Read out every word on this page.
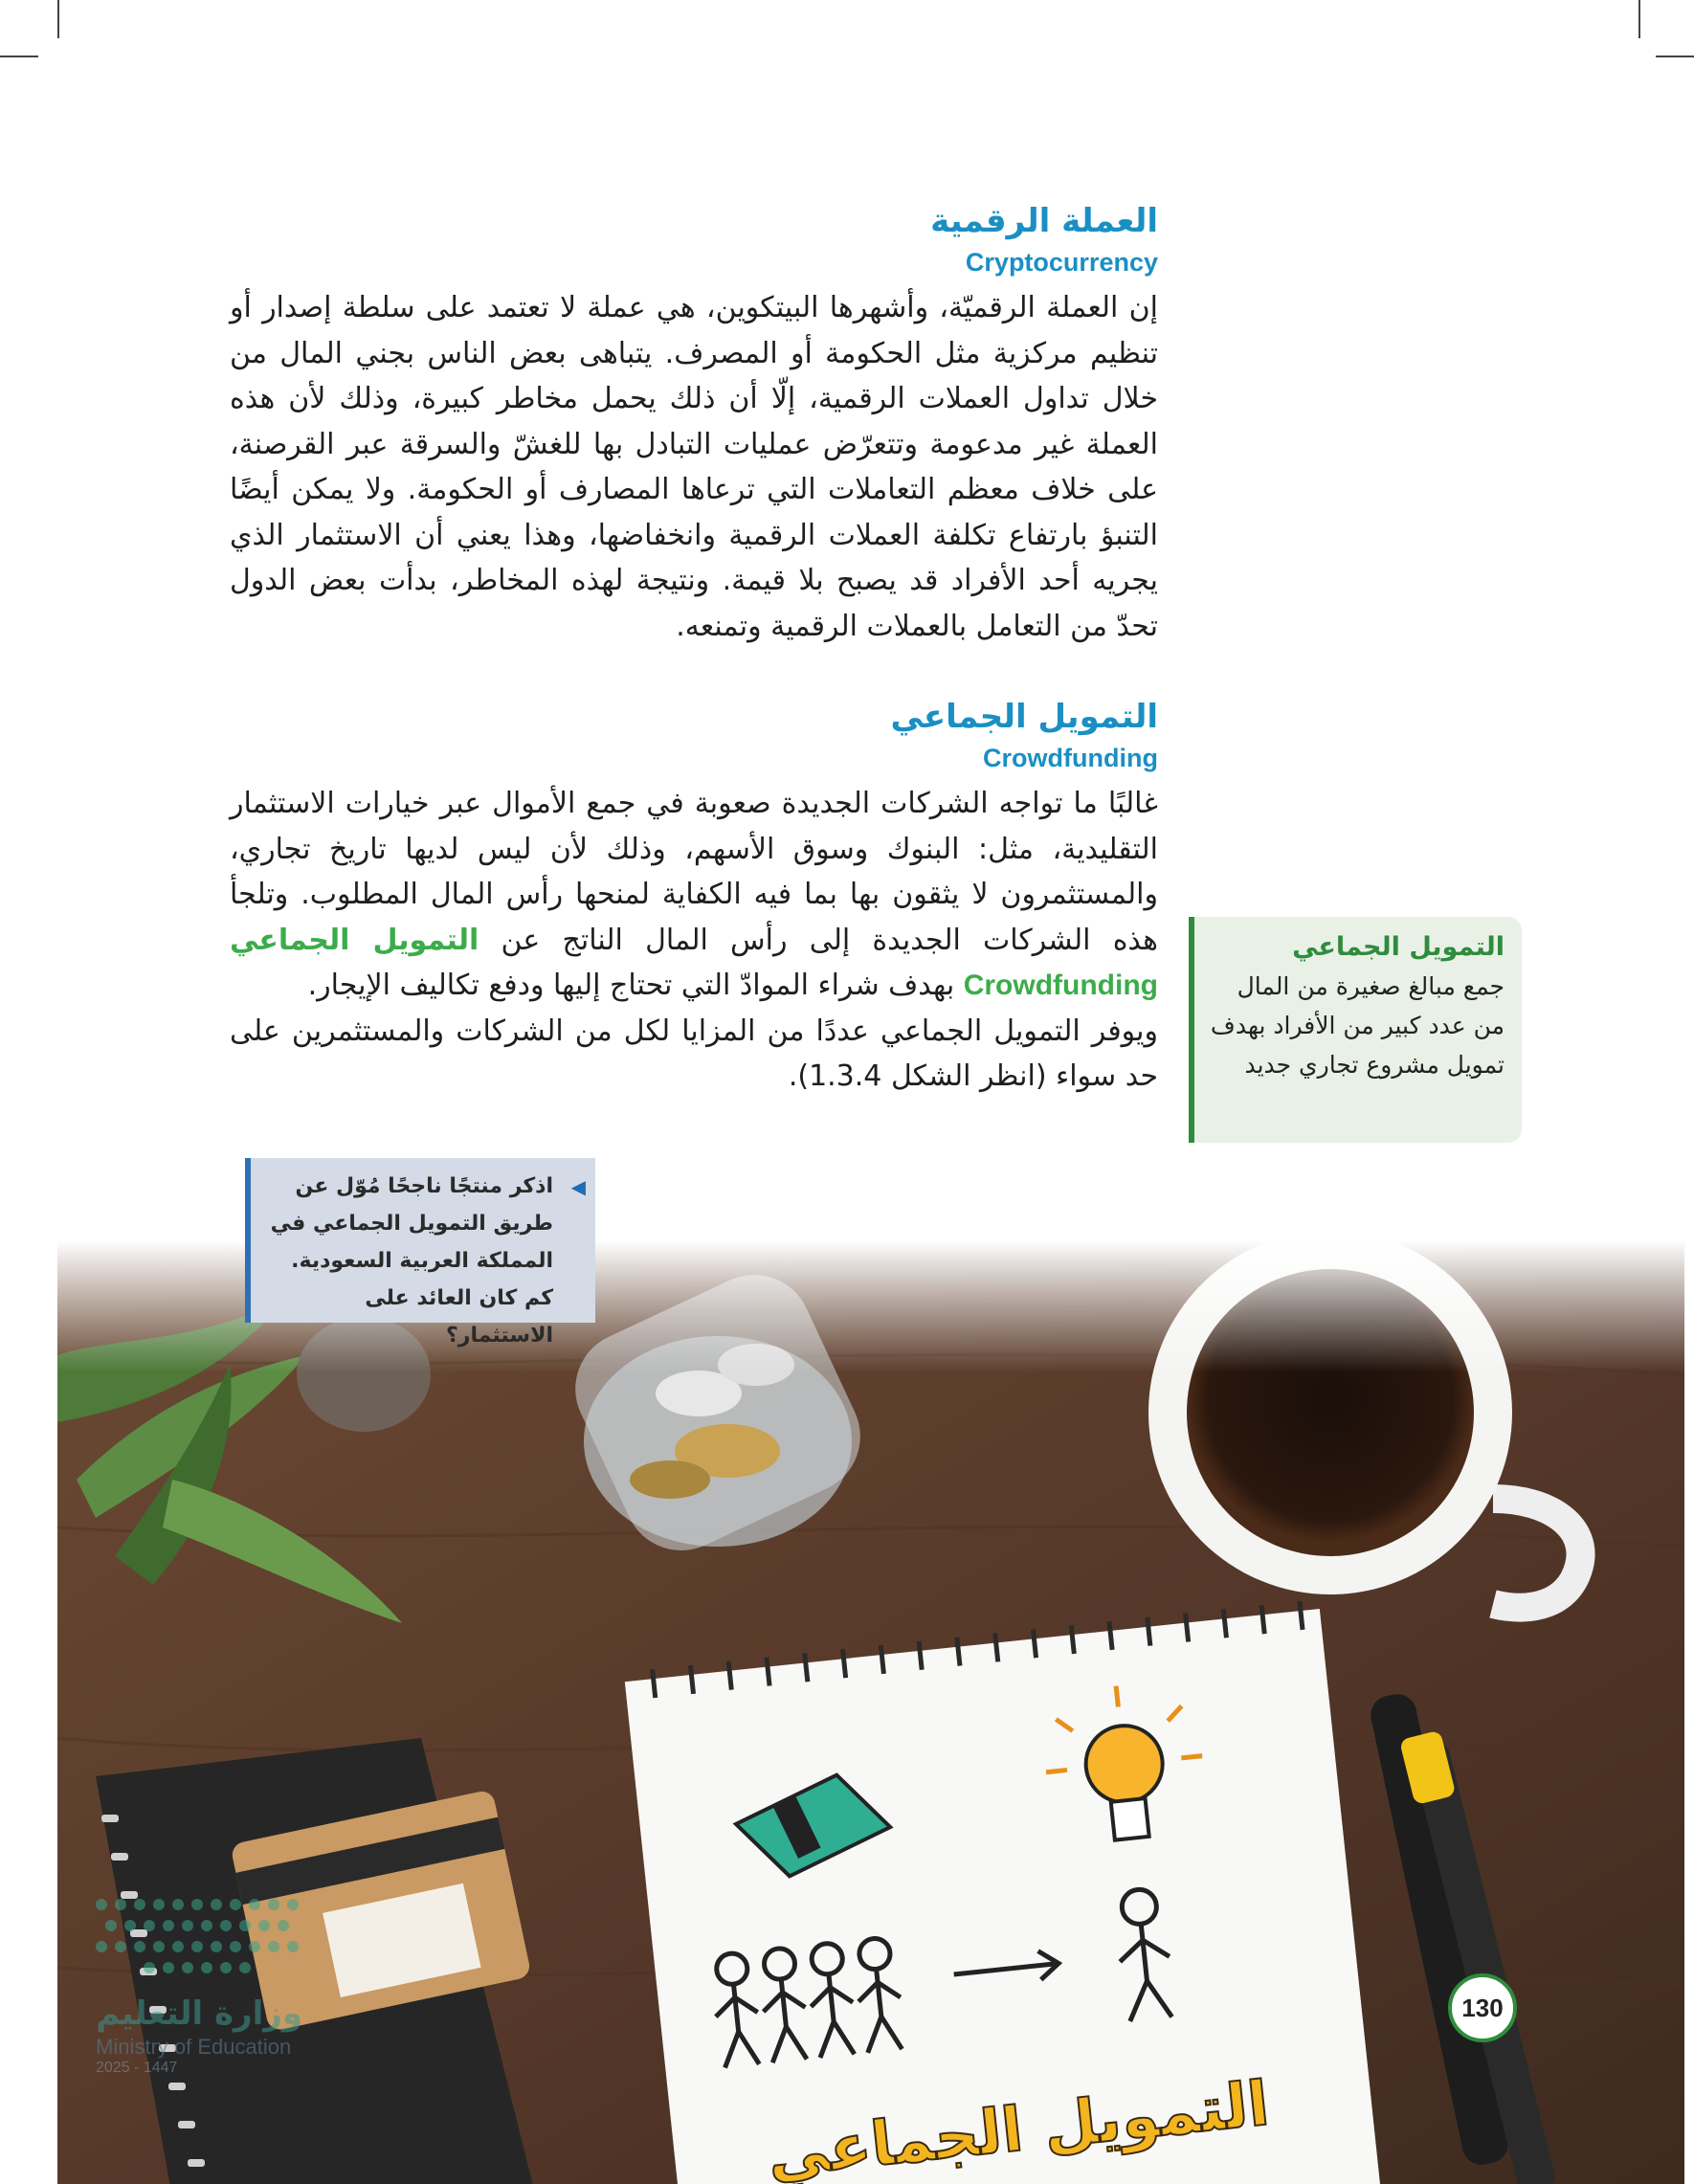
العملة الرقمية
Cryptocurrency

إن العملة الرقميّة، وأشهرها البيتكوين، هي عملة لا تعتمد على سلطة إصدار أو تنظيم مركزية مثل الحكومة أو المصرف. يتباهى بعض الناس بجني المال من خلال تداول العملات الرقمية، إلّا أن ذلك يحمل مخاطر كبيرة، وذلك لأن هذه العملة غير مدعومة وتتعرّض عمليات التبادل بها للغشّ والسرقة عبر القرصنة، على خلاف معظم التعاملات التي ترعاها المصارف أو الحكومة. ولا يمكن أيضًا التنبؤ بارتفاع تكلفة العملات الرقمية وانخفاضها، وهذا يعني أن الاستثمار الذي يجريه أحد الأفراد قد يصبح بلا قيمة. ونتيجة لهذه المخاطر، بدأت بعض الدول تحدّ من التعامل بالعملات الرقمية وتمنعه.

التمويل الجماعي
Crowdfunding

غالبًا ما تواجه الشركات الجديدة صعوبة في جمع الأموال عبر خيارات الاستثمار التقليدية، مثل: البنوك وسوق الأسهم، وذلك لأن ليس لديها تاريخ تجاري، والمستثمرون لا يثقون بها بما فيه الكفاية لمنحها رأس المال المطلوب. وتلجأ هذه الشركات الجديدة إلى رأس المال الناتج عن التمويل الجماعي Crowdfunding بهدف شراء الموادّ التي تحتاج إليها ودفع تكاليف الإيجار.

ويوفر التمويل الجماعي عددًا من المزايا لكل من الشركات والمستثمرين على حد سواء (انظر الشكل 1.3.4).

التمويل الجماعي

جمع مبالغ صغيرة من المال من عدد كبير من الأفراد بهدف تمويل مشروع تجاري جديد

◀

اذكر منتجًا ناجحًا مُوّل عن طريق التمويل الجماعي في المملكة العربية السعودية. كم كان العائد على الاستثمار؟

وزارة التعليم
Ministry of Education
2025 - 1447
130
